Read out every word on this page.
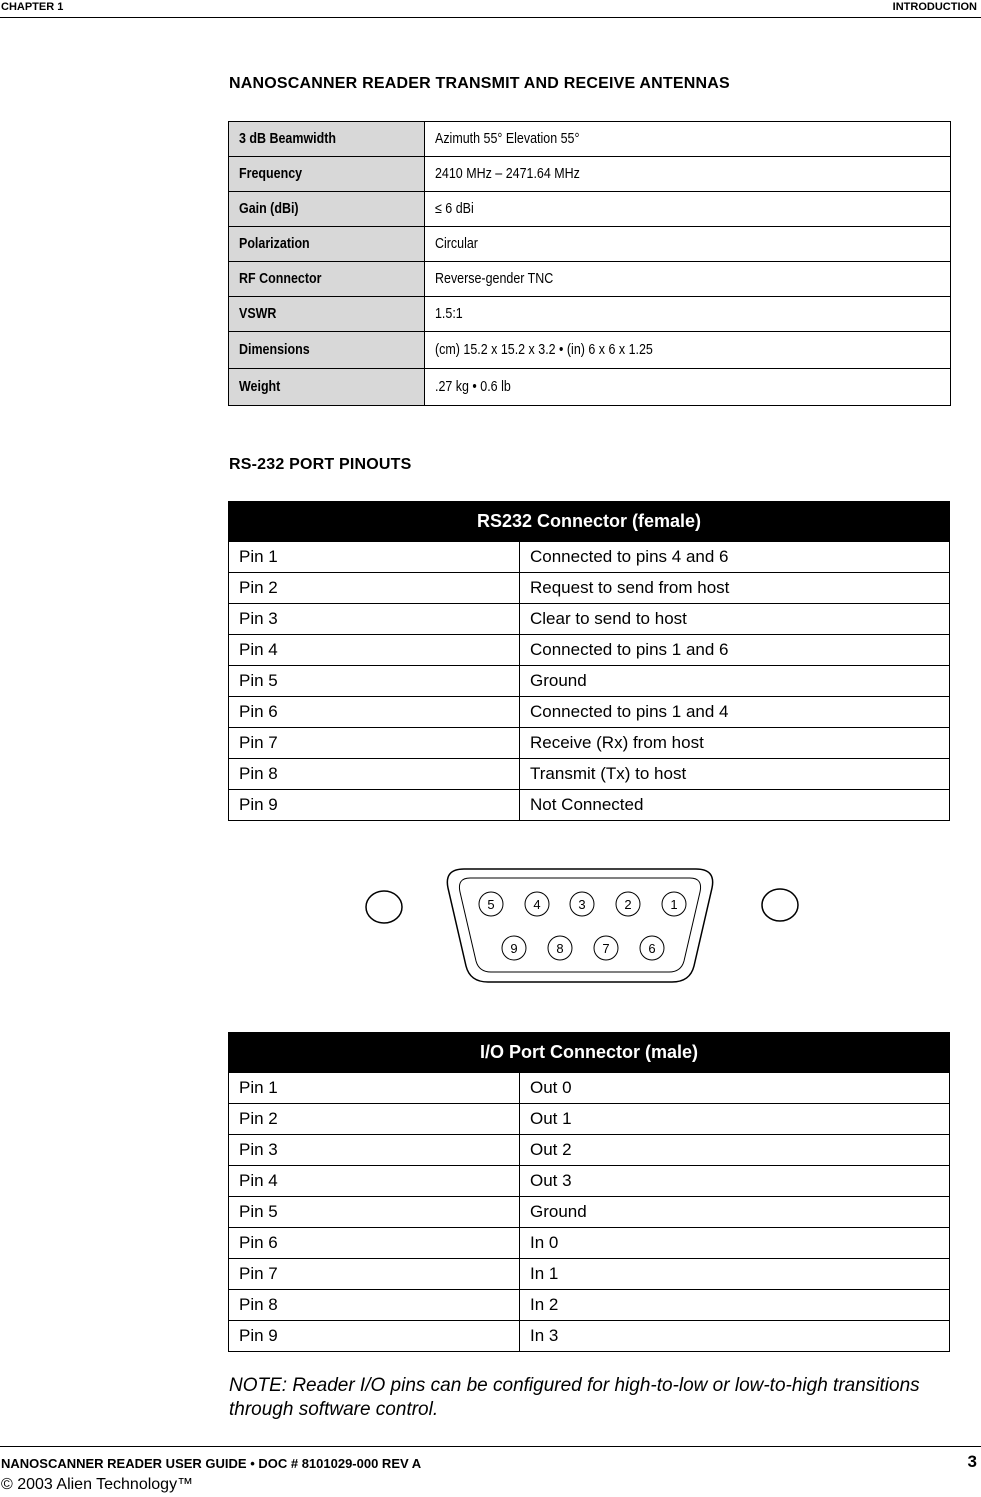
CHAPTER 1	INTRODUCTION
NANOSCANNER READER TRANSMIT AND RECEIVE ANTENNAS
3 dB Beamwidth	Azimuth 55° Elevation 55°
Frequency	2410 MHz – 2471.64 MHz
Gain (dBi)	≤ 6 dBi
Polarization	Circular
RF Connector	Reverse-gender TNC
VSWR	1.5:1
Dimensions	(cm) 15.2 x 15.2 x 3.2 • (in) 6 x 6 x 1.25
Weight	.27 kg • 0.6 lb
RS-232 PORT PINOUTS
RS232 Connector (female)	
Pin 1	Connected to pins 4 and 6
Pin 2	Request to send from host
Pin 3	Clear to send to host
Pin 4	Connected to pins 1 and 6
Pin 5	Ground
Pin 6	Connected to pins 1 and 4
Pin 7	Receive (Rx) from host
Pin 8	Transmit (Tx) to host
Pin 9	Not Connected
5	4	3	2	1
9	8	7	6
I/O Port Connector (male)	
Pin 1	Out 0
Pin 2	Out 1
Pin 3	Out 2
Pin 4	Out 3
Pin 5	Ground
Pin 6	In 0
Pin 7	In 1
Pin 8	In 2
Pin 9	In 3
NOTE: Reader I/O pins can be configured for high-to-low or low-to-high transitions through software control.
NANOSCANNER READER USER GUIDE • DOC # 8101029-000 REV A	3
© 2003 Alien Technology™
